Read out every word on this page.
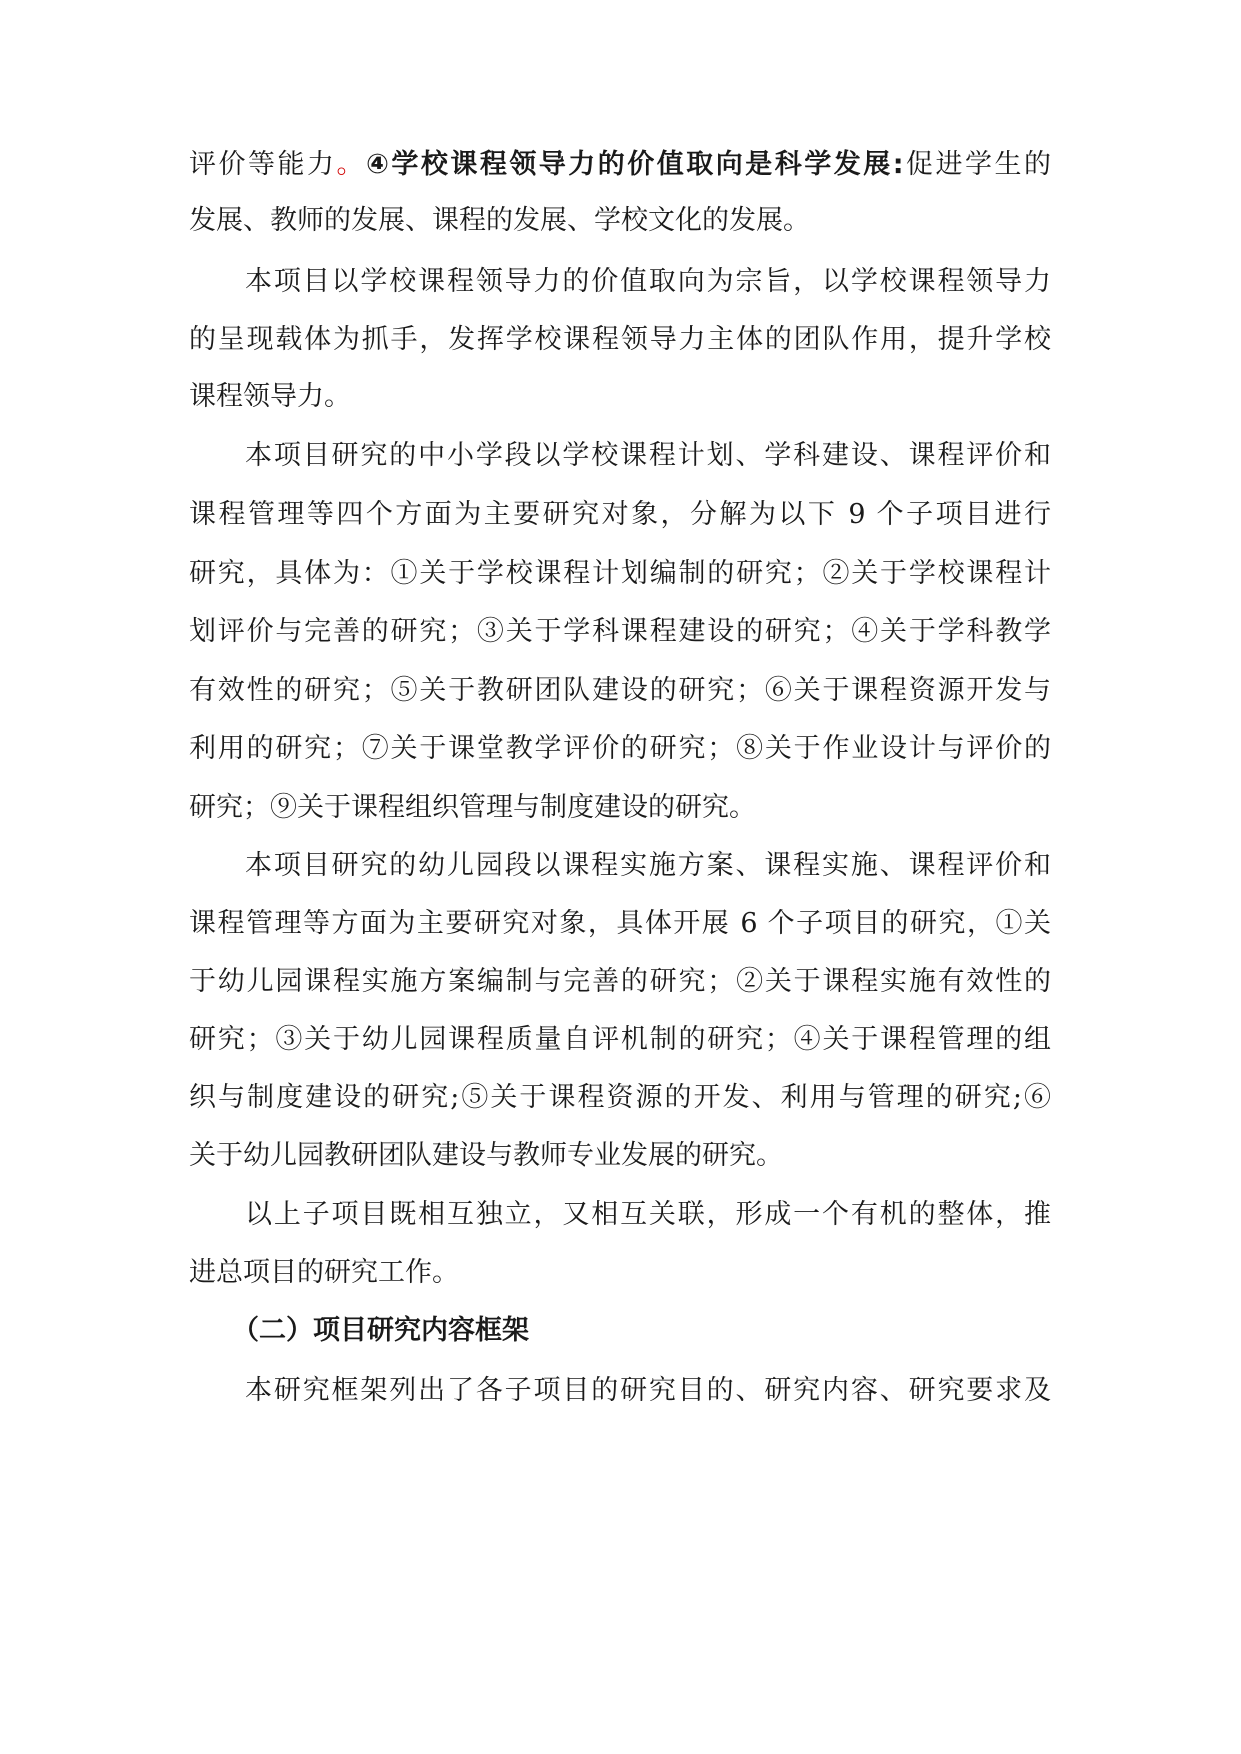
评价等能力。④学校课程领导力的价值取向是科学发展:促进学生的
发展、教师的发展、课程的发展、学校文化的发展。
本项目以学校课程领导力的价值取向为宗旨，以学校课程领导力
的呈现载体为抓手，发挥学校课程领导力主体的团队作用，提升学校
课程领导力。
本项目研究的中小学段以学校课程计划、学科建设、课程评价和
课程管理等四个方面为主要研究对象，分解为以下 9 个子项目进行
研究，具体为：①关于学校课程计划编制的研究；②关于学校课程计
划评价与完善的研究；③关于学科课程建设的研究；④关于学科教学
有效性的研究；⑤关于教研团队建设的研究；⑥关于课程资源开发与
利用的研究；⑦关于课堂教学评价的研究；⑧关于作业设计与评价的
研究；⑨关于课程组织管理与制度建设的研究。
本项目研究的幼儿园段以课程实施方案、课程实施、课程评价和
课程管理等方面为主要研究对象，具体开展 6 个子项目的研究，①关
于幼儿园课程实施方案编制与完善的研究；②关于课程实施有效性的
研究；③关于幼儿园课程质量自评机制的研究；④关于课程管理的组
织与制度建设的研究;⑤关于课程资源的开发、利用与管理的研究;⑥
关于幼儿园教研团队建设与教师专业发展的研究。
以上子项目既相互独立，又相互关联，形成一个有机的整体，推
进总项目的研究工作。
（二）项目研究内容框架
本研究框架列出了各子项目的研究目的、研究内容、研究要求及
